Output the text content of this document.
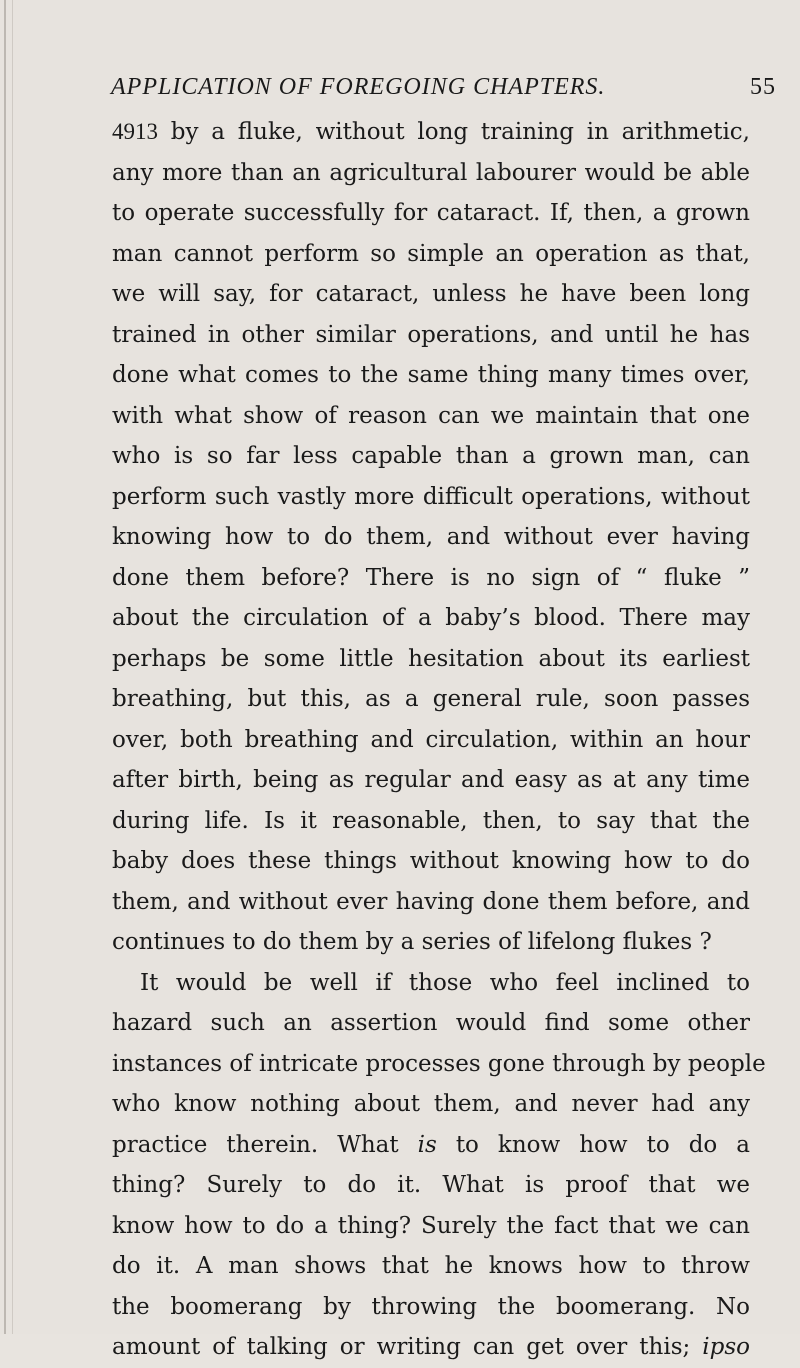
APPLICATION OF FOREGOING CHAPTERS.	55
4913 by a fluke, without long training in arithmetic,
any more than an agricultural labourer would be able
to operate successfully for cataract. If, then, a grown
man cannot perform so simple an operation as that,
we will say, for cataract, unless he have been long
trained in other similar operations, and until he has
done what comes to the same thing many times over,
with what show of reason can we maintain that one
who is so far less capable than a grown man, can
perform such vastly more difficult operations, without
knowing how to do them, and without ever having
done them before? There is no sign of “ fluke ”
about the circulation of a baby’s blood. There may
perhaps be some little hesitation about its earliest
breathing, but this, as a general rule, soon passes
over, both breathing and circulation, within an hour
after birth, being as regular and easy as at any time
during life. Is it reasonable, then, to say that the
baby does these things without knowing how to do
them, and without ever having done them before, and
continues to do them by a series of lifelong flukes ?
It would be well if those who feel inclined to
hazard such an assertion would find some other
instances of intricate processes gone through by people
who know nothing about them, and never had any
practice therein. What is to know how to do a
thing? Surely to do it. What is proof that we
know how to do a thing? Surely the fact that we can
do it. A man shows that he knows how to throw
the boomerang by throwing the boomerang. No
amount of talking or writing can get over this; ipso
